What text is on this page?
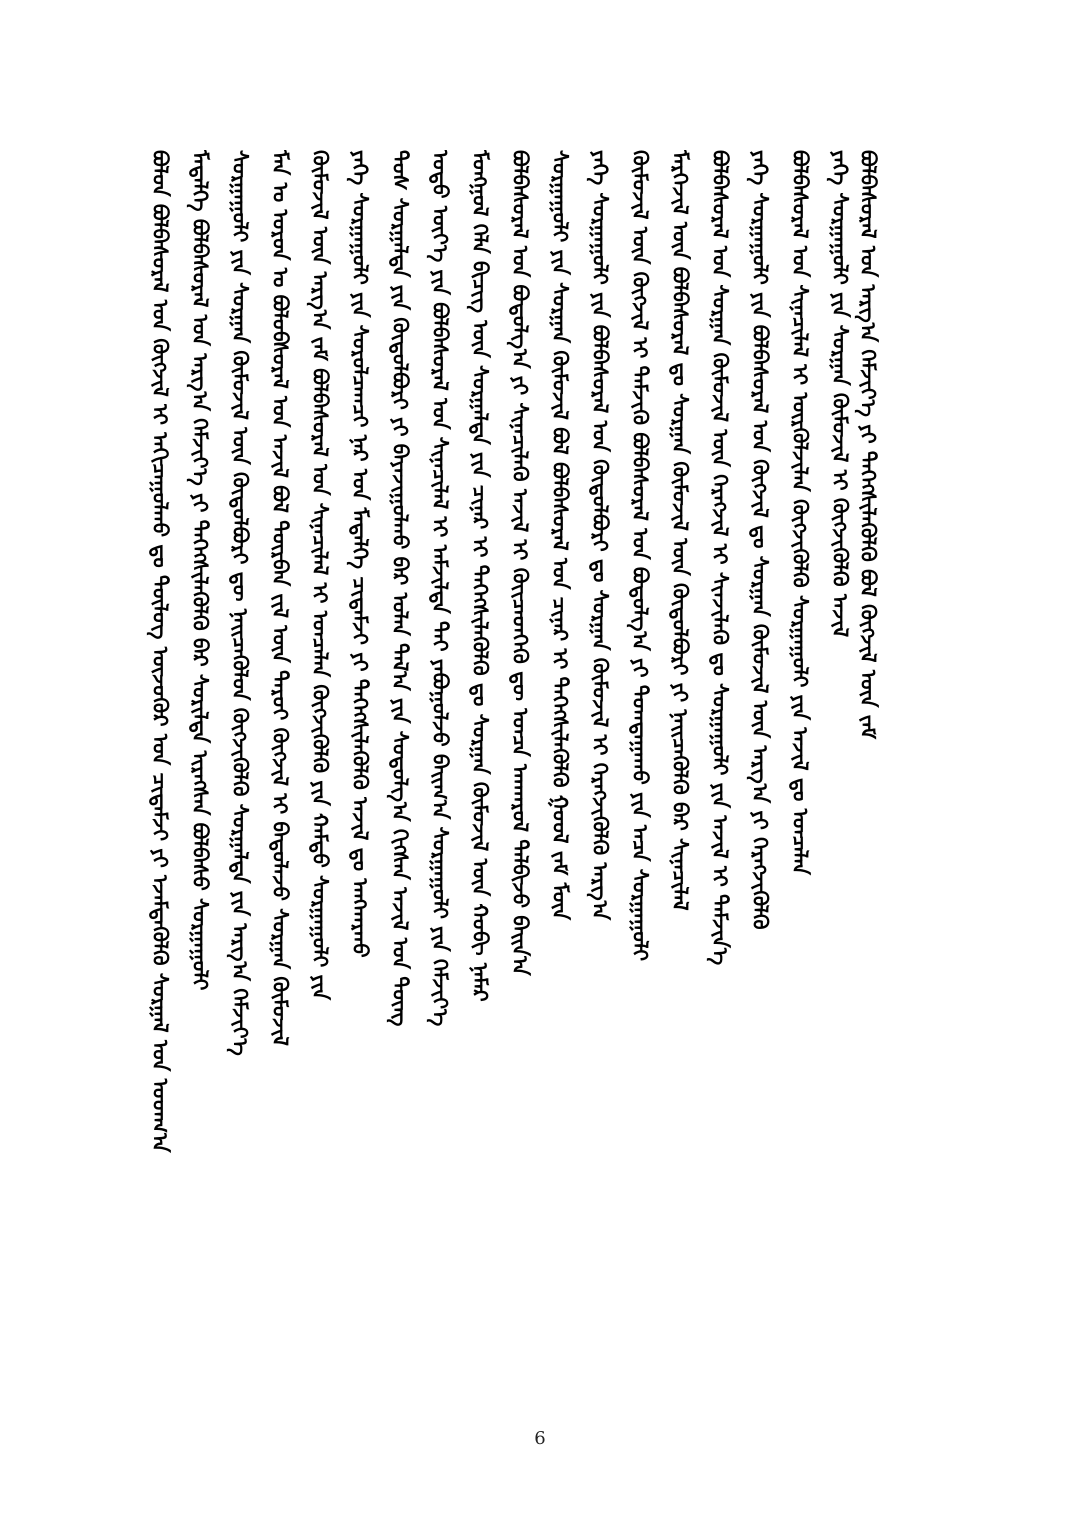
ᠪᠣᠯᠣᠨ ᠪᠣᠯᠪᠠᠰᠤᠷᠠᠯ ᠤᠨ ᠬᠥᠭᠵᠢᠯ ᠢ ᠠᠬᠢᠴᠠᠭᠤᠯᠬᠤ ᠳᠤ ᠳᠥᠯᠦᠭ ᠦᠵᠦᠭᠦᠷ ᠤᠨ ᠴᠢᠳᠠᠮᠵᠢ ᠶᠢ ᠡᠵᠡᠮᠳᠡᠭᠦᠯᠬᠦ ᠰᠤᠷᠭᠠᠯ ᠤᠨ ᠤᠳᠬ᠎ᠠ ᠮᠡᠳᠡᠯᠭᠡ ᠪᠣᠯᠪᠠᠰᠤᠷᠠᠯ ᠤᠨ ᠠᠷᠭ᠎ᠠ ᠬᠡᠮᠵᠢᠶ᠎ᠡ ᠶᠢ ᠳᠡᠭᠡᠭᠰᠢᠯᠡᠭᠦᠯᠬᠦ ᠪᠡᠷ ᠰᠣᠷᠢᠯᠲᠠ ᠢᠷᠡᠭᠰᠡᠨ ᠪᠣᠯᠪᠠᠰᠤ ᠰᠤᠷᠭᠠᠭᠤᠯᠢ ᠰᠤᠷᠭᠠᠭᠤᠯᠢ ᠶᠢᠨ ᠰᠤᠷᠭᠠᠨ ᠬᠦᠮᠦᠵᠢᠯ ᠦᠨ ᠬᠥᠲᠦᠯᠪᠦᠷᠢ ᠳᠦ ᠨᠡᠢᠴᠡᠭᠦᠯᠦᠨ ᠬᠥᠭᠵᠢᠭᠦᠯᠬᠦ ᠰᠤᠷᠭᠠᠯᠲᠠ ᠶᠢᠨ ᠠᠷᠭ᠎ᠠ ᠬᠡᠮᠵᠢᠶ᠎ᠡ ᠮᠠᠨ ᠤ ᠣᠷᠤᠨ ᠤ ᠪᠤᠯᠤᠪᠰᠤᠷᠠᠯ ᠤᠨ ᠠᠵᠢᠯ ᠪᠣᠯ ᠳᠥᠷᠪᠡᠨ ᠵᠢᠯ ᠦᠨ ᠳᠠᠷᠤᠢ ᠬᠥᠭᠵᠢᠯ ᠢ ᠪᠠᠲᠤᠯᠠᠵᠤ ᠰᠤᠷᠭᠠᠨ ᠬᠦᠮᠦᠵᠢᠯ ᠬᠦᠮᠦᠵᠢᠯ ᠦᠨ ᠠᠷᠭ᠎ᠠ ᠵᠠᠮ ᠪᠣᠯᠪᠠᠰᠤᠷᠠᠯ ᠤᠨ ᠰᠢᠨᠡᠴᠢᠯᠡᠯ ᠢ ᠣᠨᠴᠠᠯᠠᠨ ᠬᠥᠭᠵᠢᠭᠦᠯᠬᠦ ᠶᠢᠨ ᠬᠠᠮᠲᠤ ᠰᠤᠷᠭᠠᠭᠤᠯᠢ ᠶᠢᠨ ᠶᠡᠬᠡ ᠰᠤᠷᠭᠠᠭᠤᠯᠢ ᠶᠢᠨ ᠰᠤᠷᠤᠯᠴᠠᠭᠴᠢ ᠨᠠᠷ ᠤᠨ ᠮᠡᠳᠡᠯᠭᠡ ᠴᠢᠳᠠᠮᠵᠢ ᠶᠢ ᠳᠡᠭᠡᠭᠰᠢᠯᠡᠭᠦᠯᠬᠦ ᠠᠵᠢᠯ ᠳᠤ ᠠᠩᠬᠠᠷᠬᠤ ᠲᠤᠰ ᠰᠤᠷᠭᠠᠯᠲᠠ ᠶᠢᠨ ᠬᠥᠲᠦᠯᠪᠦᠷᠢ ᠶᠢ ᠪᠠᠶᠠᠵᠢᠭᠤᠯᠬᠤ ᠪᠡᠷ ᠣᠯᠠᠨ ᠲᠠᠯ᠎ᠠ ᠶᠢᠨ ᠰᠤᠳᠤᠯᠭ᠎ᠠ ᠬᠢᠭᠰᠡᠨ ᠠᠵᠢᠯ ᠤᠨ ᠳᠦᠩ ᠣᠳᠣ ᠦᠶ᠎ᠡ ᠶᠢᠨ ᠪᠣᠯᠪᠠᠰᠤᠷᠠᠯ ᠤᠨ ᠰᠢᠨᠡᠴᠢᠯᠡᠯ ᠢ ᠠᠮᠵᠢᠯᠲᠠ ᠲᠠᠶ ᠶᠠᠪᠤᠭᠤᠯᠵᠤ ᠪᠠᠢᠭ᠎ᠠ ᠰᠤᠷᠭᠠᠭᠤᠯᠢ ᠶᠢᠨ ᠬᠡᠮᠵᠢᠶ᠎ᠡ ᠮᠣᠩᠭᠣᠯ ᠬᠡᠯᠡ ᠪᠢᠴᠢᠭ ᠦᠨ ᠰᠤᠷᠭᠠᠯᠲᠠ ᠶᠢᠨ ᠴᠢᠨᠠᠷ ᠢ ᠳᠡᠭᠡᠭᠰᠢᠯᠡᠭᠦᠯᠬᠦ ᠳᠤ ᠰᠤᠷᠭᠠᠨ ᠬᠦᠮᠦᠵᠢᠯ ᠦᠨ ᠬᠤᠪᠢ ᠨᠡᠮᠡᠷ ᠪᠣᠯᠪᠠᠰᠤᠷᠠᠯ ᠤᠨ ᠪᠣᠳᠣᠯᠭ᠎ᠠ ᠶᠢ ᠰᠢᠨᠡᠴᠢᠯᠡᠬᠦ ᠠᠵᠢᠯ ᠢ ᠬᠦᠢᠴᠡᠳᠬᠡᠬᠦ ᠳᠦ ᠣᠨᠴᠠ ᠠᠨᠬᠠᠷᠤᠯ ᠲᠠᠯᠪᠢᠵᠤ ᠪᠠᠢᠨ᠎ᠠ ᠰᠤᠷᠭᠠᠭᠤᠯᠢ ᠶᠢᠨ ᠰᠤᠷᠭᠠᠨ ᠬᠦᠮᠦᠵᠢᠯ ᠪᠣᠯ ᠪᠣᠯᠪᠠᠰᠤᠷᠠᠯ ᠤᠨ ᠴᠢᠨᠠᠷ ᠢ ᠳᠡᠭᠡᠭᠰᠢᠯᠡᠭᠦᠯᠬᠦ ᠭᠣᠣᠯ ᠵᠠᠮ ᠮᠥᠨ ᠶᠡᠬᠡ ᠰᠤᠷᠭᠠᠭᠤᠯᠢ ᠶᠢᠨ ᠪᠣᠯᠪᠠᠰᠤᠷᠠᠯ ᠤᠨ ᠬᠥᠲᠦᠯᠪᠦᠷᠢ ᠳᠤ ᠰᠤᠷᠭᠠᠨ ᠬᠦᠮᠦᠵᠢᠯ ᠢ ᠬᠡᠷᠡᠭᠵᠢᠭᠦᠯᠬᠦ ᠠᠷᠭ᠎ᠠ ᠬᠦᠮᠦᠵᠢᠯ ᠦᠨ ᠬᠥᠭᠵᠢᠯ ᠢ ᠳᠡᠮᠵᠢᠬᠦ ᠪᠣᠯᠪᠠᠰᠤᠷᠠᠯ ᠤᠨ ᠪᠣᠳᠣᠯᠭ᠎ᠠ ᠶᠢ ᠲᠣᠭᠲᠠᠭᠠᠬᠤ ᠶᠢᠨ ᠠᠴᠠ ᠰᠤᠷᠭᠠᠭᠤᠯᠢ ᠮᠡᠷᠭᠡᠵᠢᠯ ᠦᠨ ᠪᠣᠯᠪᠠᠰᠤᠷᠠᠯ ᠳᠤ ᠰᠤᠷᠭᠠᠨ ᠬᠦᠮᠦᠵᠢᠯ ᠦᠨ ᠬᠥᠲᠦᠯᠪᠦᠷᠢ ᠶᠢ ᠨᠡᠢᠴᠡᠭᠦᠯᠬᠦ ᠪᠡᠷ ᠰᠢᠨᠡᠴᠢᠯᠡᠯ ᠪᠣᠯᠪᠠᠰᠤᠷᠠᠯ ᠤᠨ ᠰᠤᠷᠭᠠᠨ ᠬᠦᠮᠦᠵᠢᠯ ᠦᠨ ᠬᠡᠷᠡᠭᠵᠢᠯ ᠢ ᠰᠢᠨᠵᠢᠯᠡᠬᠦ ᠳᠤ ᠰᠤᠷᠭᠠᠭᠤᠯᠢ ᠶᠢᠨ ᠠᠵᠢᠯ ᠢ ᠳᠡᠮᠵᠢᠨ᠎ᠡ ᠶᠡᠬᠡ ᠰᠤᠷᠭᠠᠭᠤᠯᠢ ᠶᠢᠨ ᠪᠣᠯᠪᠠᠰᠤᠷᠠᠯ ᠤᠨ ᠬᠥᠭᠵᠢᠯ ᠳᠤ ᠰᠤᠷᠭᠠᠨ ᠬᠦᠮᠦᠵᠢᠯ ᠦᠨ ᠠᠷᠭ᠎ᠠ ᠶᠢ ᠬᠡᠷᠡᠭᠵᠢᠭᠦᠯᠬᠦ ᠪᠣᠯᠪᠠᠰᠤᠷᠠᠯ ᠤᠨ ᠰᠢᠨᠡᠴᠢᠯᠡᠯ ᠢ ᠦᠷᠭᠦᠯᠵᠢᠯᠡᠨ ᠬᠥᠭᠵᠢᠭᠦᠯᠬᠦ ᠰᠤᠷᠭᠠᠭᠤᠯᠢ ᠶᠢᠨ ᠠᠵᠢᠯ ᠳᠤ ᠣᠨᠴᠠᠯᠠᠨ ᠶᠡᠬᠡ ᠰᠤᠷᠭᠠᠭᠤᠯᠢ ᠶᠢᠨ ᠰᠤᠷᠭᠠᠨ ᠬᠦᠮᠦᠵᠢᠯ ᠢ ᠬᠥᠭᠵᠢᠭᠦᠯᠬᠦ ᠠᠵᠢᠯ ᠪᠣᠯᠪᠠᠰᠤᠷᠠᠯ ᠤᠨ ᠠᠷᠭ᠎ᠠ ᠬᠡᠮᠵᠢᠶ᠎ᠡ ᠶᠢ ᠳᠡᠭᠡᠭᠰᠢᠯᠡᠭᠦᠯᠬᠦ ᠪᠣᠯ ᠬᠥᠭᠵᠢᠯ ᠦᠨ ᠵᠠᠮ
6
